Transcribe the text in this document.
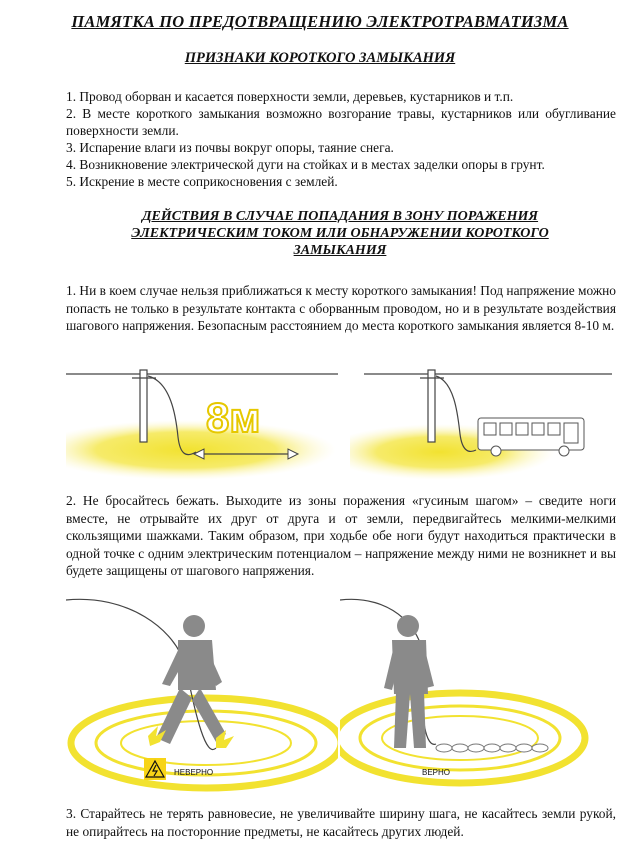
ПАМЯТКА ПО ПРЕДОТВРАЩЕНИЮ ЭЛЕКТРОТРАВМАТИЗМА
ПРИЗНАКИ КОРОТКОГО ЗАМЫКАНИЯ

1. Провод оборван и касается поверхности земли, деревьев, кустарников и т.п.

2. В месте короткого замыкания возможно возгорание травы, кустарников или обугливание поверхности земли.

3. Испарение влаги из почвы вокруг опоры, таяние снега.

4. Возникновение электрической дуги на стойках и в местах заделки опоры в грунт.

5. Искрение в месте соприкосновения с землей.

ДЕЙСТВИЯ В СЛУЧАЕ ПОПАДАНИЯ В ЗОНУ ПОРАЖЕНИЯ
ЭЛЕКТРИЧЕСКИМ ТОКОМ ИЛИ ОБНАРУЖЕНИИ КОРОТКОГО
ЗАМЫКАНИЯ
1. Ни в коем случае нельзя приближаться к месту короткого замыкания! Под напряжение можно попасть не только в результате контакта с оборванным проводом, но и в результате воздействия шагового напряжения. Безопасным расстоянием до места короткого замыкания является 8-10 м.
8м
2. Не бросайтесь бежать. Выходите из зоны поражения «гусиным шагом» – сведите ноги вместе, не отрывайте их друг от друга и от земли, передвигайтесь мелкими-мелкими скользящими шажками. Таким образом, при ходьбе обе ноги будут находиться практически в одной точке с одним электрическим потенциалом – напряжение между ними не возникнет и вы будете защищены от шагового напряжения.
НЕВЕРНО	ВЕРНО
3. Старайтесь не терять равновесие, не увеличивайте ширину шага, не касайтесь земли рукой, не опирайтесь на посторонние предметы, не касайтесь других людей.
